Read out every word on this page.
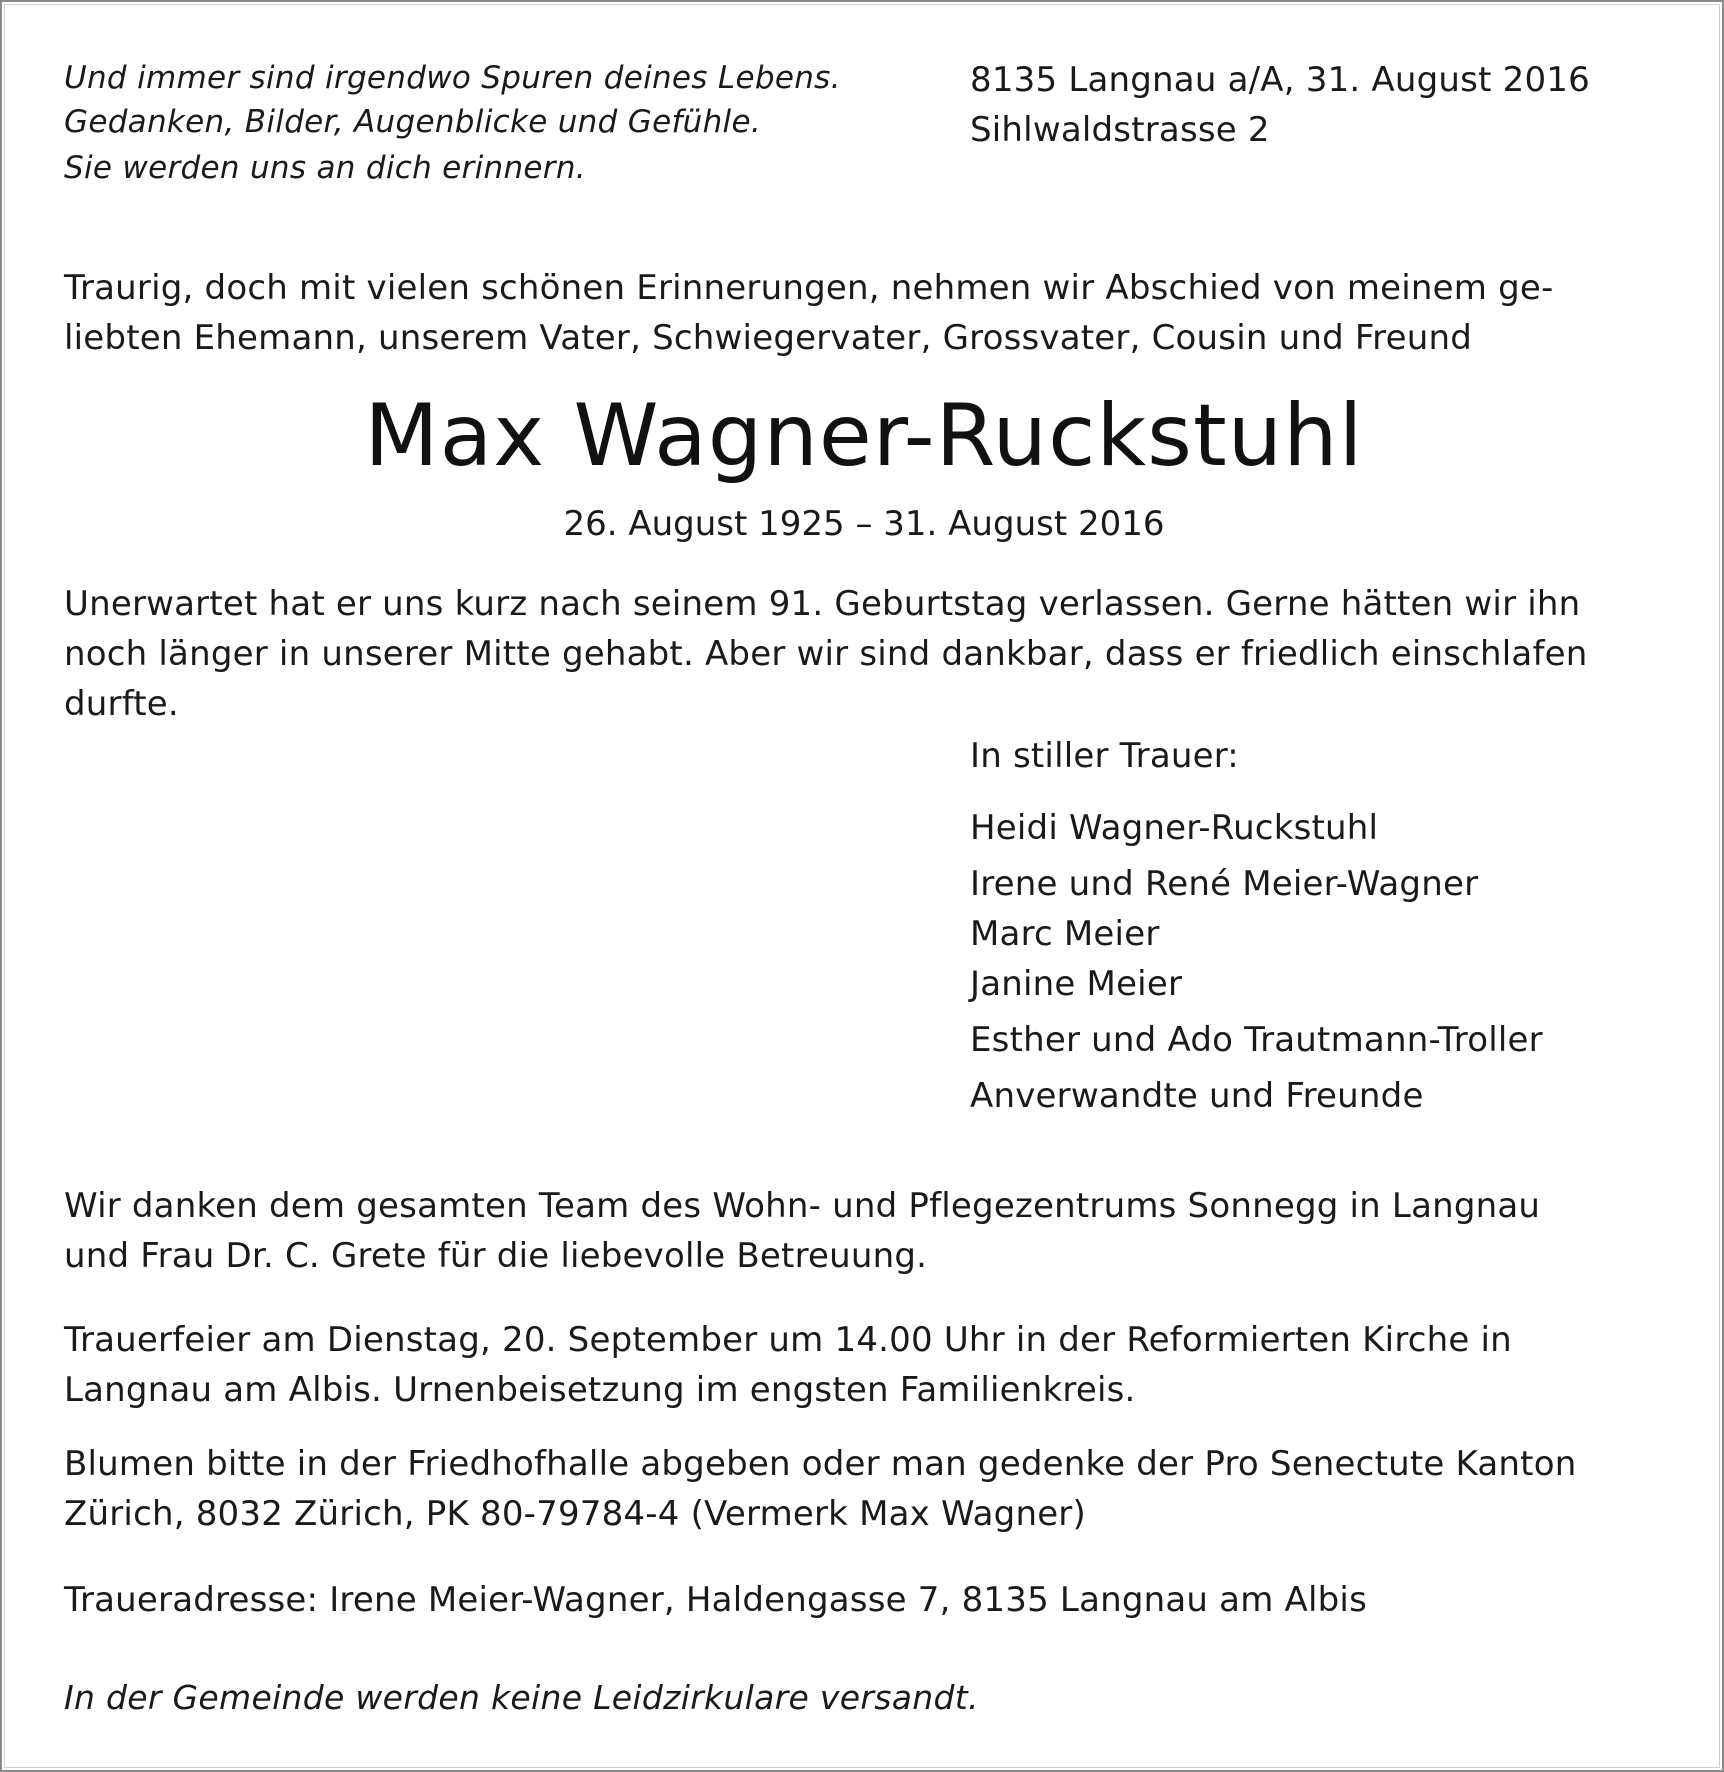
Und immer sind irgendwo Spuren deines Lebens.
Gedanken, Bilder, Augenblicke und Gefühle.
Sie werden uns an dich erinnern.
8135 Langnau a/A, 31. August 2016
Sihlwaldstrasse 2
Traurig, doch mit vielen schönen Erinnerungen, nehmen wir Abschied von meinem ge-
liebten Ehemann, unserem Vater, Schwiegervater, Grossvater, Cousin und Freund
Max Wagner-Ruckstuhl
26. August 1925 – 31. August 2016
Unerwartet hat er uns kurz nach seinem 91. Geburtstag verlassen. Gerne hätten wir ihn
noch länger in unserer Mitte gehabt. Aber wir sind dankbar, dass er friedlich einschlafen
durfte.
In stiller Trauer:
Heidi Wagner-Ruckstuhl
Irene und René Meier-Wagner
Marc Meier
Janine Meier
Esther und Ado Trautmann-Troller
Anverwandte und Freunde
Wir danken dem gesamten Team des Wohn- und Pflegezentrums Sonnegg in Langnau
und Frau Dr. C. Grete für die liebevolle Betreuung.
Trauerfeier am Dienstag, 20. September um 14.00 Uhr in der Reformierten Kirche in
Langnau am Albis. Urnenbeisetzung im engsten Familienkreis.
Blumen bitte in der Friedhofhalle abgeben oder man gedenke der Pro Senectute Kanton
Zürich, 8032 Zürich, PK 80-79784-4 (Vermerk Max Wagner)
Traueradresse: Irene Meier-Wagner, Haldengasse 7, 8135 Langnau am Albis
In der Gemeinde werden keine Leidzirkulare versandt.
